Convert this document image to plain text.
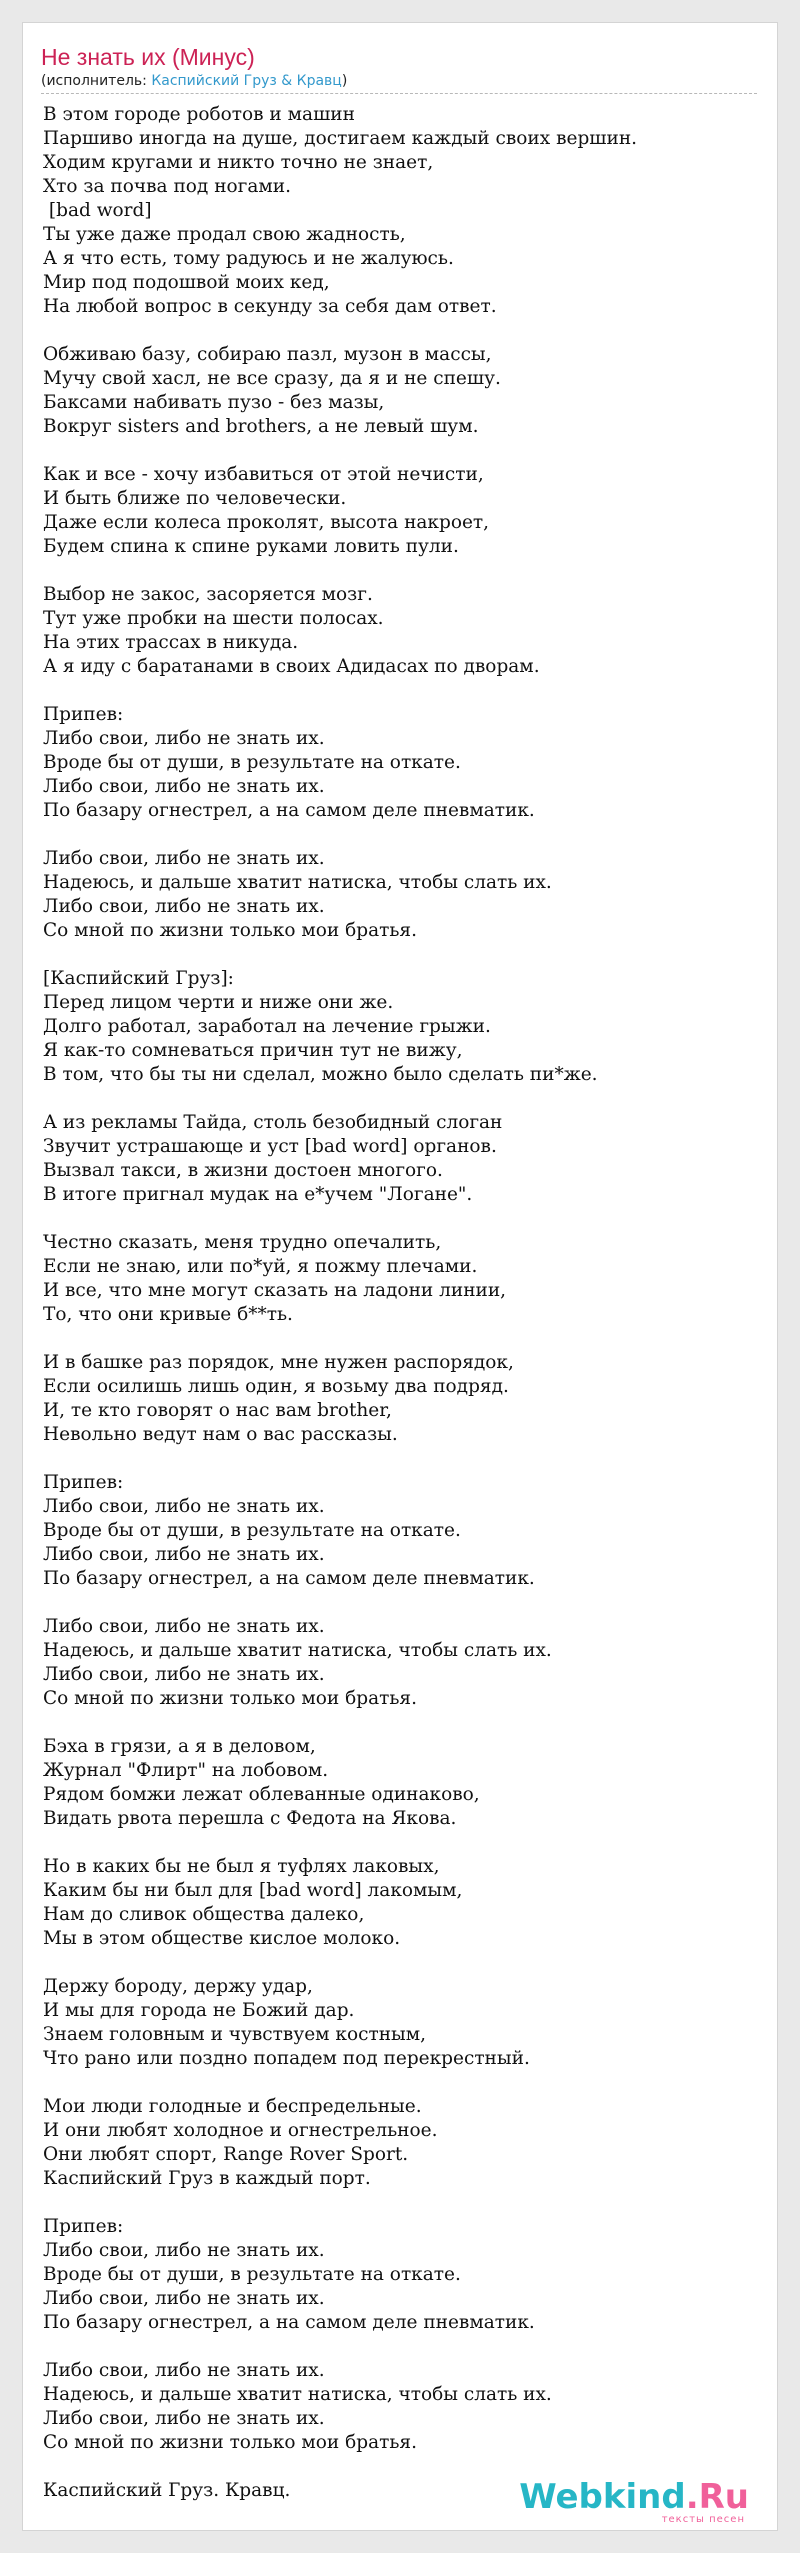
Не знать их (Минус)
(исполнитель: Каспийский Груз & Кравц)
В этом городе роботов и машин
Паршиво иногда на душе, достигаем каждый своих вершин.
Ходим кругами и никто точно не знает,
Хто за почва под ногами.
[bad word]
Ты уже даже продал свою жадность,
А я что есть, тому радуюсь и не жалуюсь.
Мир под подошвой моих кед,
На любой вопрос в секунду за себя дам ответ.
Обживаю базу, собираю пазл, музон в массы,
Мучу свой хасл, не все сразу, да я и не спешу.
Баксами набивать пузо - без мазы,
Вокруг sisters and brothers, а не левый шум.
Как и все - хочу избавиться от этой нечисти,
И быть ближе по человечески.
Даже если колеса проколят, высота накроет,
Будем спина к спине руками ловить пули.
Выбор не закос, засоряется мозг.
Тут уже пробки на шести полосах.
На этих трассах в никуда.
А я иду с баратанами в своих Адидасах по дворам.
Припев:
Либо свои, либо не знать их.
Вроде бы от души, в результате на откате.
Либо свои, либо не знать их.
По базару огнестрел, а на самом деле пневматик.
Либо свои, либо не знать их.
Надеюсь, и дальше хватит натиска, чтобы слать их.
Либо свои, либо не знать их.
Со мной по жизни только мои братья.
[Каспийский Груз]:
Перед лицом черти и ниже они же.
Долго работал, заработал на лечение грыжи.
Я как-то сомневаться причин тут не вижу,
В том, что бы ты ни сделал, можно было сделать пи*же.
А из рекламы Тайда, столь безобидный слоган
Звучит устрашающе и уст [bad word] органов.
Вызвал такси, в жизни достоен многого.
В итоге пригнал мудак на е*учем "Логане".
Честно сказать, меня трудно опечалить,
Если не знаю, или по*уй, я пожму плечами.
И все, что мне могут сказать на ладони линии,
То, что они кривые б**ть.
И в башке раз порядок, мне нужен распорядок,
Если осилишь лишь один, я возьму два подряд.
И, те кто говорят о нас вам brother,
Невольно ведут нам о вас рассказы.
Припев:
Либо свои, либо не знать их.
Вроде бы от души, в результате на откате.
Либо свои, либо не знать их.
По базару огнестрел, а на самом деле пневматик.
Либо свои, либо не знать их.
Надеюсь, и дальше хватит натиска, чтобы слать их.
Либо свои, либо не знать их.
Со мной по жизни только мои братья.
Бэха в грязи, а я в деловом,
Журнал "Флирт" на лобовом.
Рядом бомжи лежат облеванные одинаково,
Видать рвота перешла с Федота на Якова.
Но в каких бы не был я туфлях лаковых,
Каким бы ни был для [bad word] лакомым,
Нам до сливок общества далеко,
Мы в этом обществе кислое молоко.
Держу бороду, держу удар,
И мы для города не Божий дар.
Знаем головным и чувствуем костным,
Что рано или поздно попадем под перекрестный.
Мои люди голодные и беспредельные.
И они любят холодное и огнестрельное.
Они любят спорт, Range Rover Sport.
Каспийский Груз в каждый порт.
Припев:
Либо свои, либо не знать их.
Вроде бы от души, в результате на откате.
Либо свои, либо не знать их.
По базару огнестрел, а на самом деле пневматик.
Либо свои, либо не знать их.
Надеюсь, и дальше хватит натиска, чтобы слать их.
Либо свои, либо не знать их.
Со мной по жизни только мои братья.
Каспийский Груз. Кравц.	Webkind.Ru
тексты песен
